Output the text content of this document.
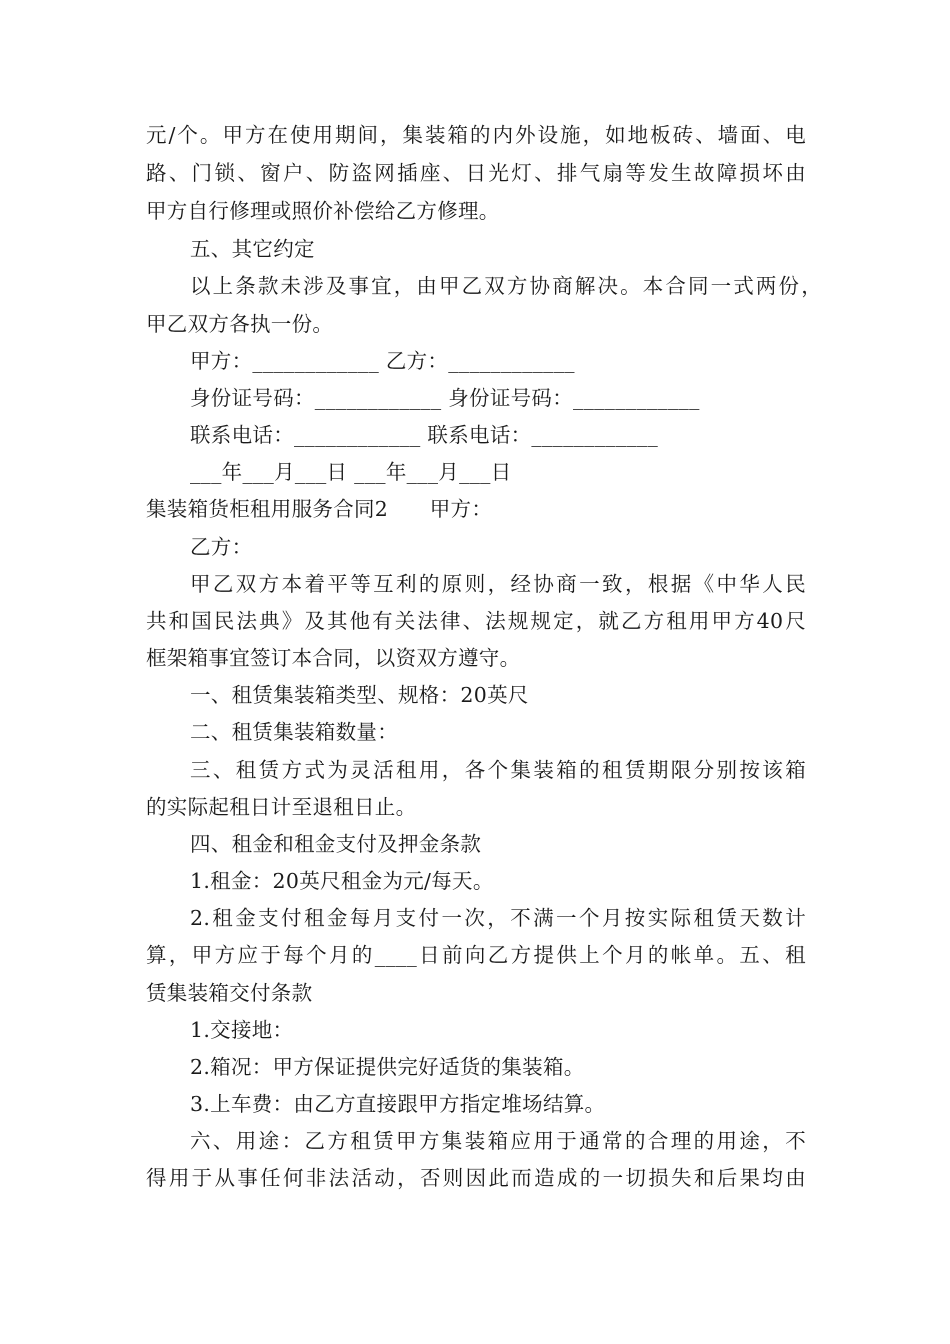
元/个。甲方在使用期间，集装箱的内外设施，如地板砖、墙面、电
路、门锁、窗户、防盗网插座、日光灯、排气扇等发生故障损坏由
甲方自行修理或照价补偿给乙方修理。
五、其它约定
以上条款未涉及事宜，由甲乙双方协商解决。本合同一式两份，
甲乙双方各执一份。
甲方：____________ 乙方：____________
身份证号码：____________ 身份证号码：____________
联系电话：____________ 联系电话：____________
___年___月___日 ___年___月___日
集装箱货柜租用服务合同2　　甲方：
乙方：
甲乙双方本着平等互利的原则，经协商一致，根据《中华人民
共和国民法典》及其他有关法律、法规规定，就乙方租用甲方40尺
框架箱事宜签订本合同，以资双方遵守。
一、租赁集装箱类型、规格：20英尺
二、租赁集装箱数量：
三、租赁方式为灵活租用，各个集装箱的租赁期限分别按该箱
的实际起租日计至退租日止。
四、租金和租金支付及押金条款
1.租金：20英尺租金为元/每天。
2.租金支付租金每月支付一次，不满一个月按实际租赁天数计
算，甲方应于每个月的____日前向乙方提供上个月的帐单。五、租
赁集装箱交付条款
1.交接地：
2.箱况：甲方保证提供完好适货的集装箱。
3.上车费：由乙方直接跟甲方指定堆场结算。
六、用途：乙方租赁甲方集装箱应用于通常的合理的用途，不
得用于从事任何非法活动，否则因此而造成的一切损失和后果均由
